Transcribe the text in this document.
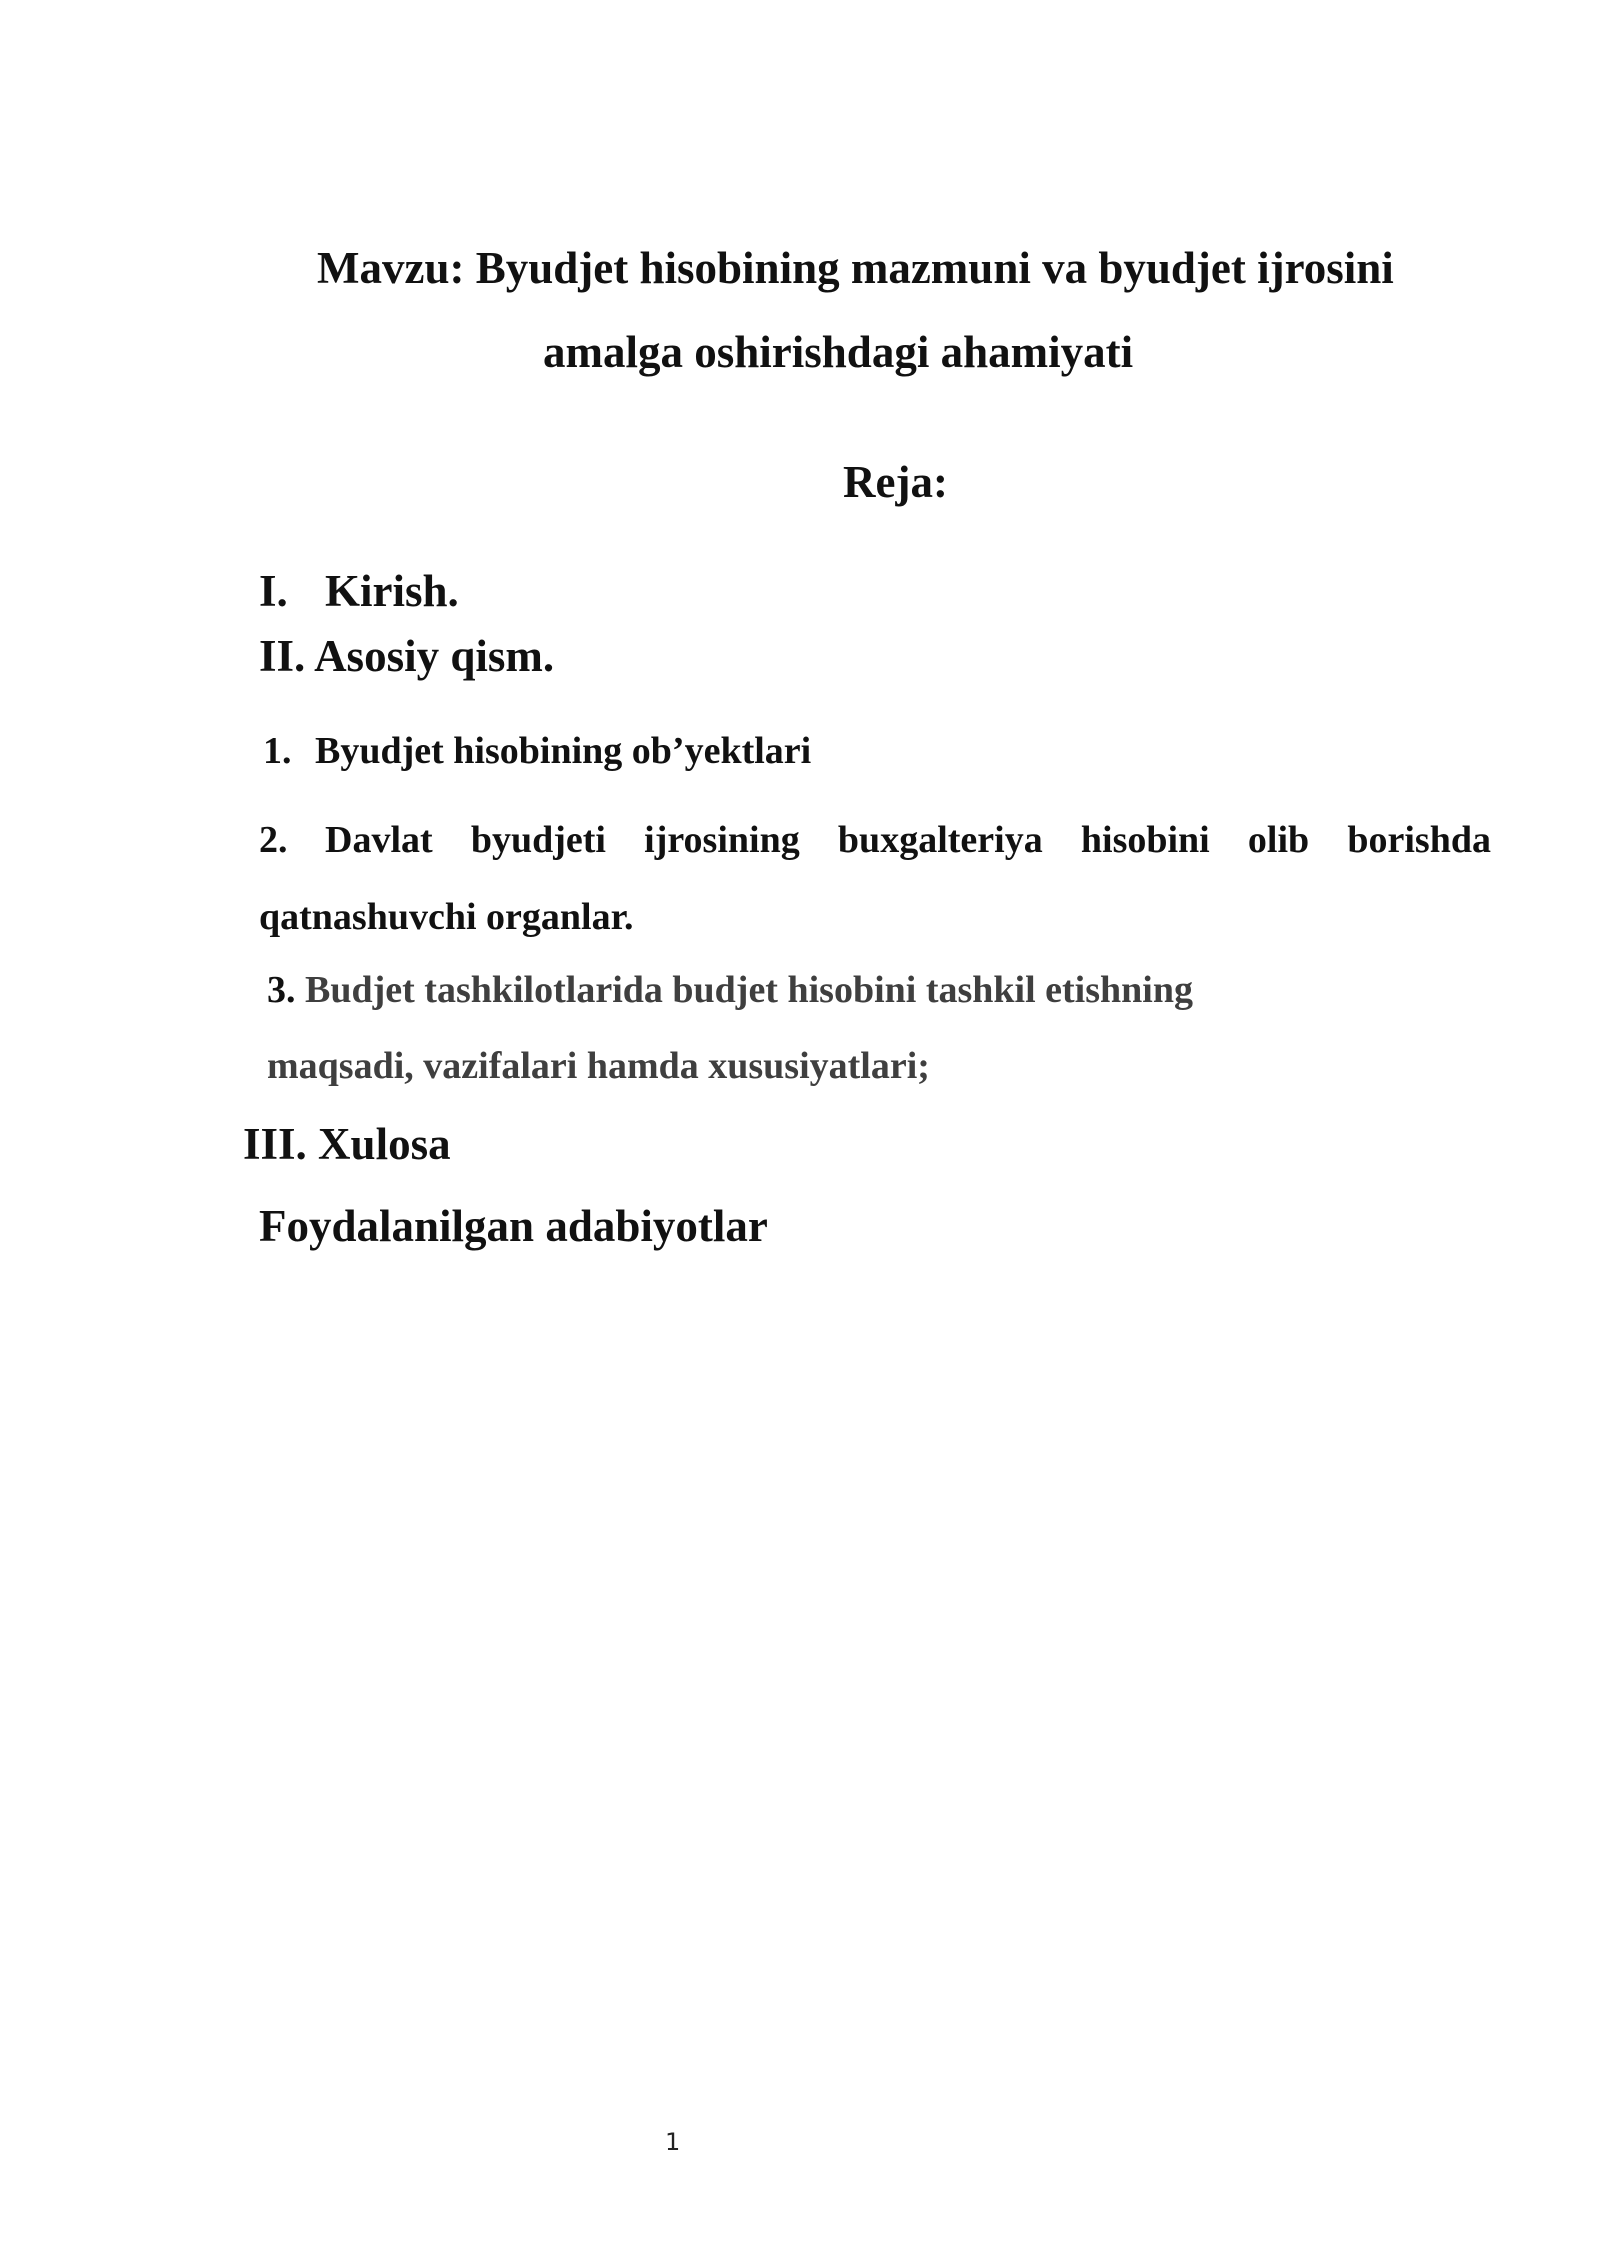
Mavzu: Byudjet hisobining mazmuni va byudjet ijrosini

amalga oshirishdagi ahamiyati

Reja:

I. Kirish.

II. Asosiy qism.

1. Byudjet hisobining ob’yektlari

2. Davlat byudjeti ijrosining buxgalteriya hisobini olib borishda

qatnashuvchi organlar.

3. Budjet tashkilotlarida budjet hisobini tashkil etishning

maqsadi, vazifalari hamda xususiyatlari;

III. Xulosa

Foydalanilgan adabiyotlar

1
